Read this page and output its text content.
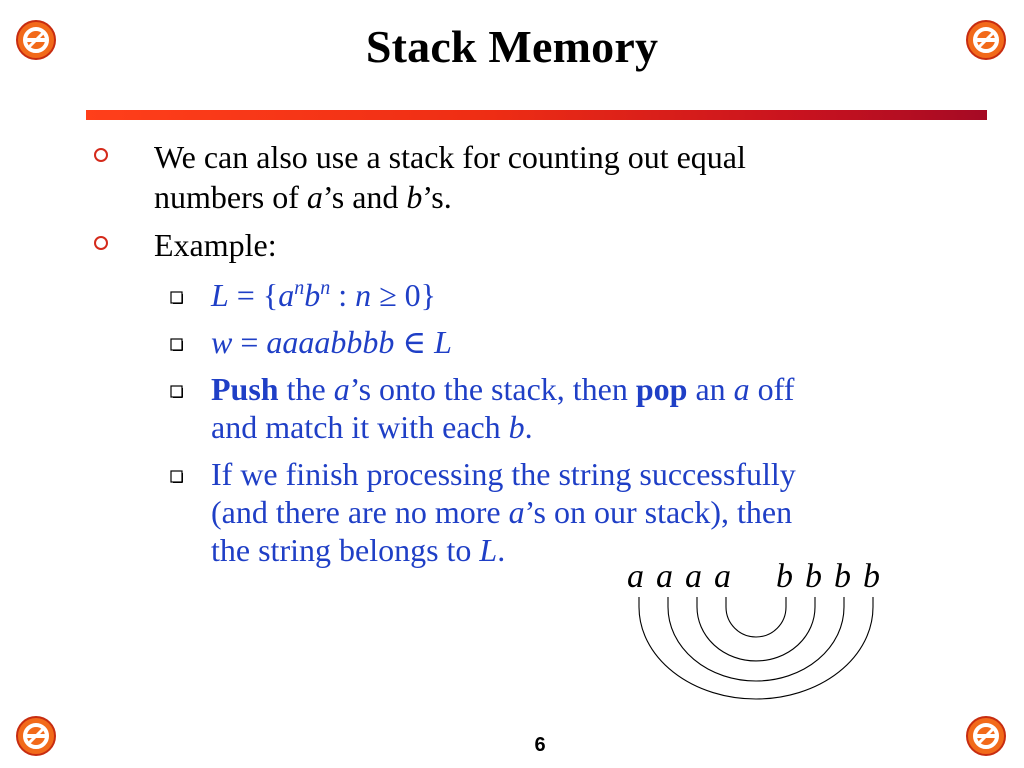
Stack Memory
We can also use a stack for counting out equal
numbers of a’s and b’s.
Example:
$L = \{a^nb^n$ : n ≥ 0}
w = aaaabbbb ∈ L
Push the a’s onto the stack, then pop an a off
and match it with each b.
If we finish processing the string successfully
(and there are no more a’s on our stack), then
the string belongs to L.
a a a a b b b b
6
